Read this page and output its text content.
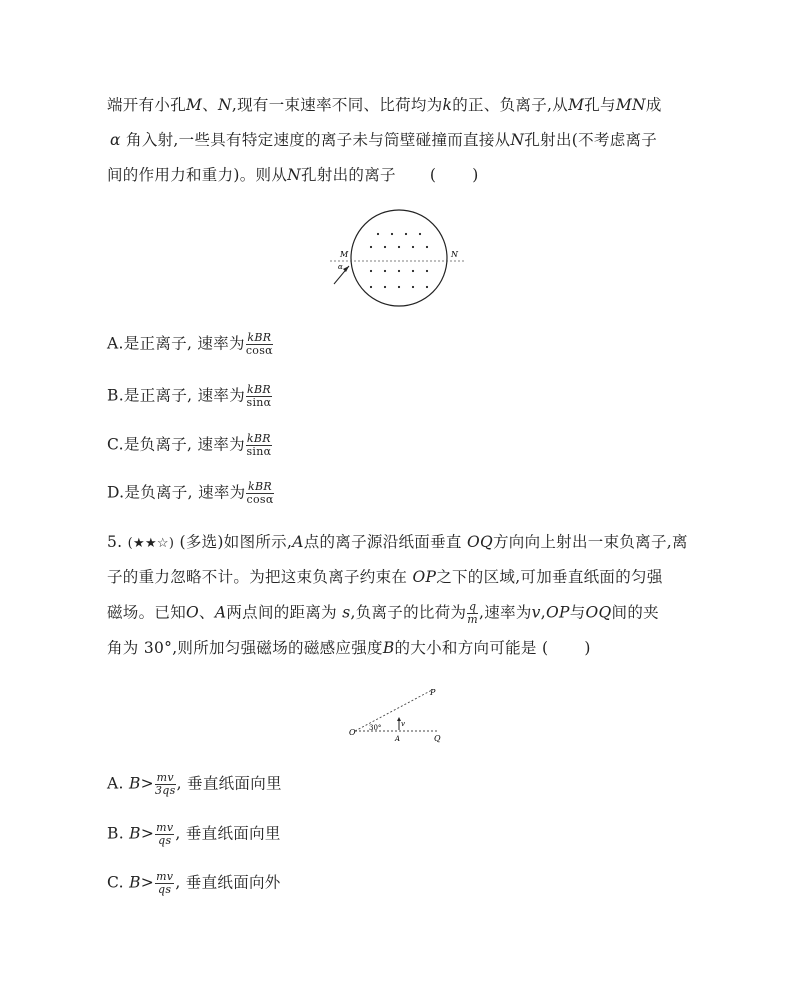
端开有小孔M、N,现有一束速率不同、比荷均为k的正、负离子,从M孔与MN成
α 角入射,一些具有特定速度的离子未与筒壁碰撞而直接从N孔射出(不考虑离子
间的作用力和重力)。则从N孔射出的离子 ( )
M	N
α
A.是正离子, 速率为 $\frac{\text{kBR}}{\cos\alpha}$
B.是正离子, 速率为 $\frac{\text{kBR}}{\sin\alpha}$
C.是负离子, 速率为 $\frac{\text{kBR}}{\sin\alpha}$
D.是负离子, 速率为 $\frac{\text{kBR}}{\cos\alpha}$
5. (★★☆) (多选)如图所示,A点的离子源沿纸面垂直 OQ方向向上射出一束负离子,离
子的重力忽略不计。为把这束负离子约束在 OP之下的区域,可加垂直纸面的匀强
磁场。已知O、A两点间的距离为 s,负离子的比荷为 $\frac{q}{m}$ ,速率为v,OP与OQ间的夹
角为 30°,则所加匀强磁场的磁感应强度B的大小和方向可能是 ( )
O
P
Q
A
v
30°
A. $B> \frac{mv}{3qs}$ , 垂直纸面向里
B. $B> \frac{mv}{qs}$ , 垂直纸面向里
C. $B> \frac{mv}{qs}$ , 垂直纸面向外
